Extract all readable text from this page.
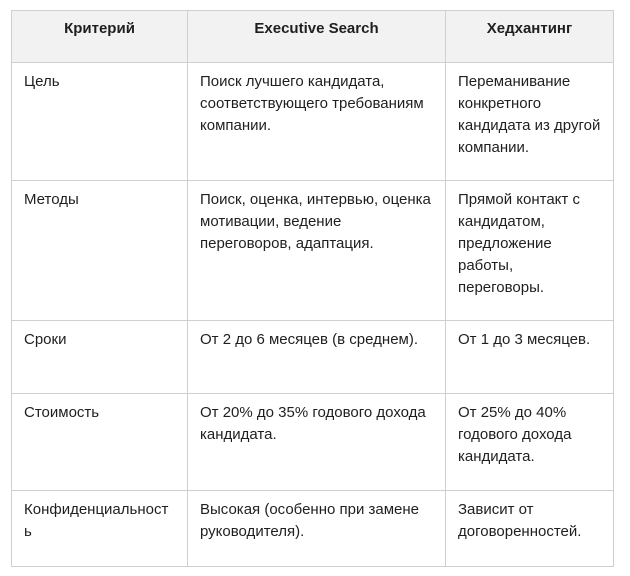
Критерий	Executive Search	Хедхантинг
Цель	Поиск лучшего кандидата, соответствующего требованиям компании.	Переманивание конкретного кандидата из другой компании.
Методы	Поиск, оценка, интервью, оценка мотивации, ведение переговоров, адаптация.	Прямой контакт с кандидатом, предложение работы, переговоры.
Сроки	От 2 до 6 месяцев (в среднем).	От 1 до 3 месяцев.
Стоимость	От 20% до 35% годового дохода кандидата.	От 25% до 40% годового дохода кандидата.
Конфиденциальность	Высокая (особенно при замене руководителя).	Зависит от договоренностей.
